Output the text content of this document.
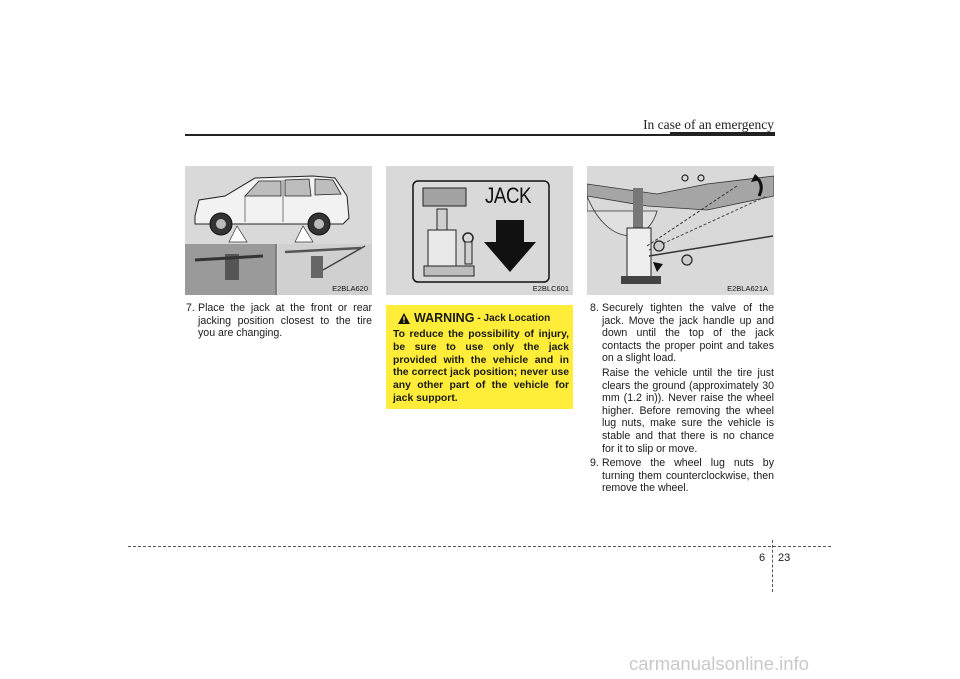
In case of an emergency
E2BLA620
JACK
E2BLC601	E2BLA621A
7. Place the jack at the front or rear jacking position closest to the tire you are changing.
WARNING - Jack Location
To reduce the possibility of injury, be sure to use only the jack provided with the vehicle and in the correct jack position; never use any other part of the vehicle for jack support.
8. Securely tighten the valve of the jack. Move the jack handle up and down until the top of the jack contacts the proper point and takes on a slight load.
Raise the vehicle until the tire just clears the ground (approximately 30 mm (1.2 in)). Never raise the wheel higher. Before removing the wheel lug nuts, make sure the vehicle is stable and that there is no chance for it to slip or move.
9. Remove the wheel lug nuts by turning them counterclockwise, then remove the wheel.
6 23
carmanualsonline.info
